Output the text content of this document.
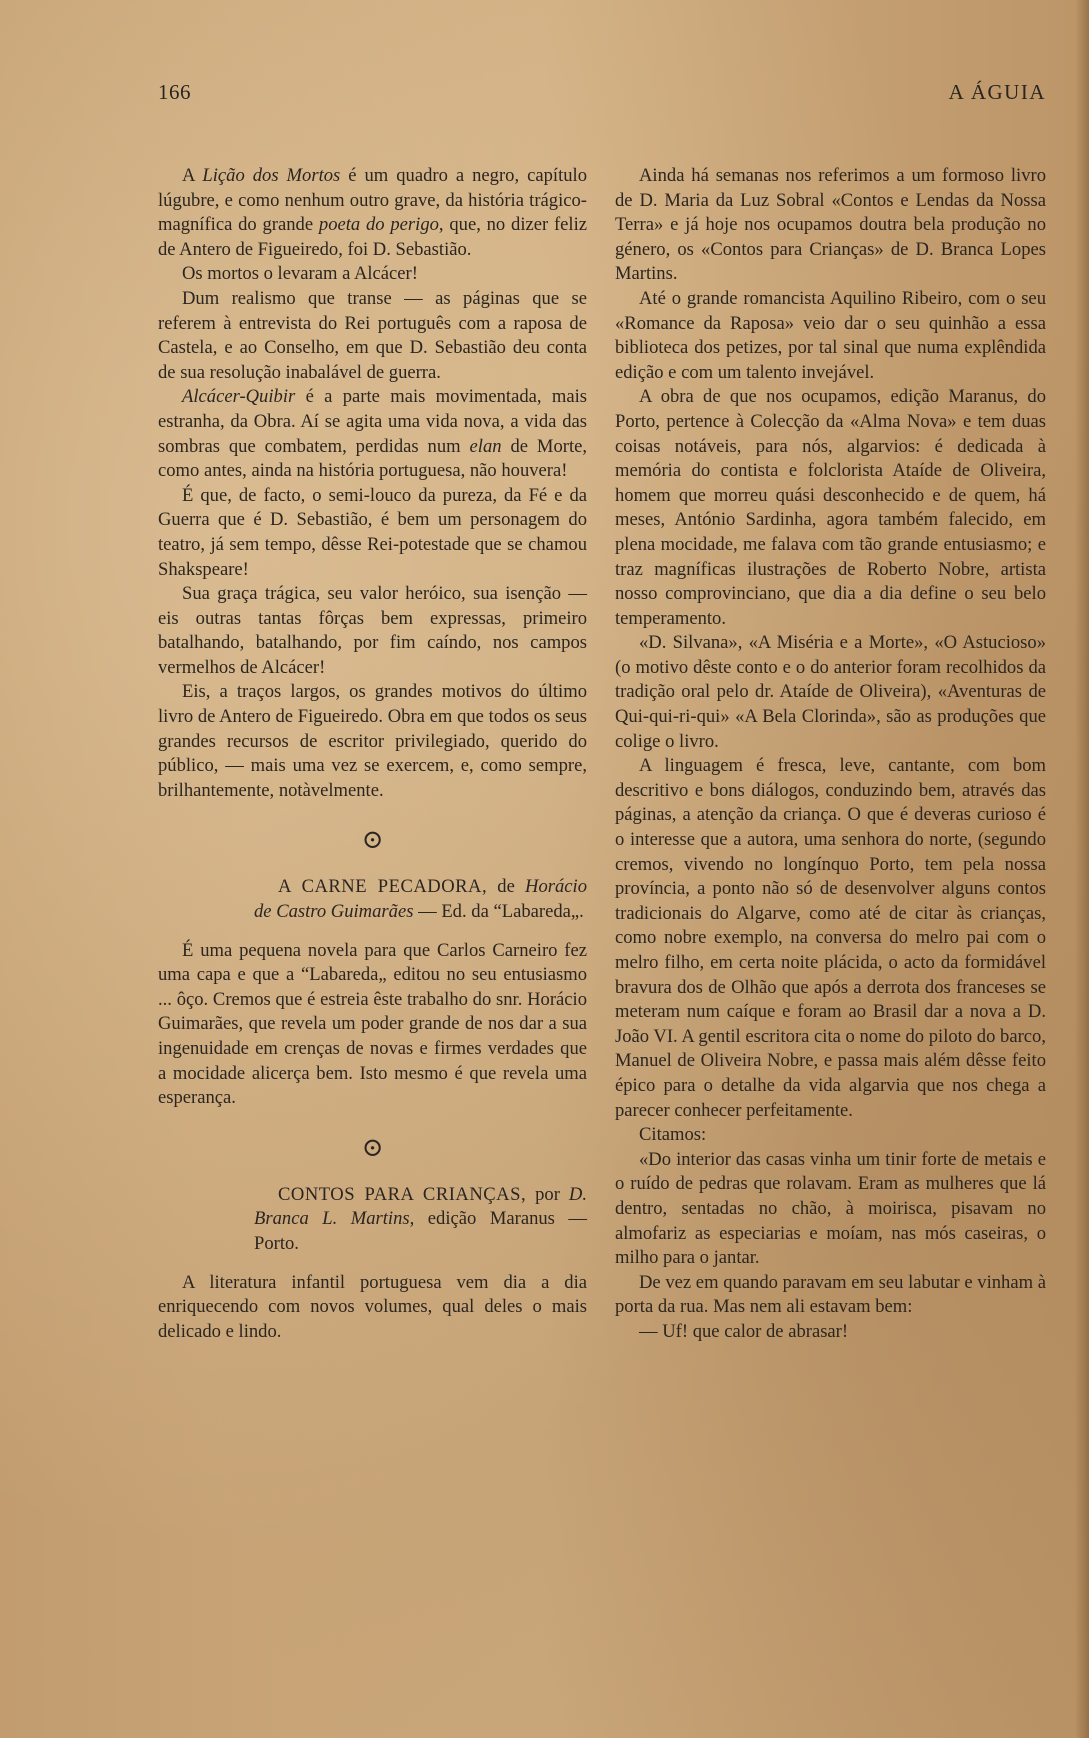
166	A ÁGUIA

A Lição dos Mortos é um quadro a negro, capítulo lúgubre, e como nenhum outro grave, da história trágico-magnífica do grande poeta do perigo, que, no dizer feliz de Antero de Figueiredo, foi D. Sebastião.

Os mortos o levaram a Alcácer!

Dum realismo que transe — as páginas que se referem à entrevista do Rei português com a raposa de Castela, e ao Conselho, em que D. Sebastião deu conta de sua resolução inabalável de guerra.

Alcácer-Quibir é a parte mais movimentada, mais estranha, da Obra. Aí se agita uma vida nova, a vida das sombras que combatem, perdidas num elan de Morte, como antes, ainda na história portuguesa, não houvera!

É que, de facto, o semi-louco da pureza, da Fé e da Guerra que é D. Sebastião, é bem um personagem do teatro, já sem tempo, dêsse Rei-potestade que se chamou Shakspeare!

Sua graça trágica, seu valor heróico, sua isenção — eis outras tantas fôrças bem expressas, primeiro batalhando, batalhando, por fim caíndo, nos campos vermelhos de Alcácer!

Eis, a traços largos, os grandes motivos do último livro de Antero de Figueiredo. Obra em que todos os seus grandes recursos de escritor privilegiado, querido do público, — mais uma vez se exercem, e, como sempre, brilhantemente, notàvelmente.

⊙

A CARNE PECADORA, de Horácio de Castro Guimarães — Ed. da “Labareda„.

É uma pequena novela para que Carlos Carneiro fez uma capa e que a “Labareda„ editou no seu entusiasmo ... ôço. Cremos que é estreia êste trabalho do snr. Horácio Guimarães, que revela um poder grande de nos dar a sua ingenuidade em crenças de novas e firmes verdades que a mocidade alicerça bem. Isto mesmo é que revela uma esperança.

⊙

CONTOS PARA CRIANÇAS, por D. Branca L. Martins, edição Maranus — Porto.

A literatura infantil portuguesa vem dia a dia enriquecendo com novos volumes, qual deles o mais delicado e lindo.

Ainda há semanas nos referimos a um formoso livro de D. Maria da Luz Sobral «Contos e Lendas da Nossa Terra» e já hoje nos ocupamos doutra bela produção no género, os «Contos para Crianças» de D. Branca Lopes Martins.

Até o grande romancista Aquilino Ribeiro, com o seu «Romance da Raposa» veio dar o seu quinhão a essa biblioteca dos petizes, por tal sinal que numa explêndida edição e com um talento invejável.

A obra de que nos ocupamos, edição Maranus, do Porto, pertence à Colecção da «Alma Nova» e tem duas coisas notáveis, para nós, algarvios: é dedicada à memória do contista e folclorista Ataíde de Oliveira, homem que morreu quási desconhecido e de quem, há meses, António Sardinha, agora também falecido, em plena mocidade, me falava com tão grande entusiasmo; e traz magníficas ilustrações de Roberto Nobre, artista nosso comprovinciano, que dia a dia define o seu belo temperamento.

«D. Silvana», «A Miséria e a Morte», «O Astucioso» (o motivo dêste conto e o do anterior foram recolhidos da tradição oral pelo dr. Ataíde de Oliveira), «Aventuras de Qui-qui-ri-qui» «A Bela Clorinda», são as produções que colige o livro.

A linguagem é fresca, leve, cantante, com bom descritivo e bons diálogos, conduzindo bem, através das páginas, a atenção da criança. O que é deveras curioso é o interesse que a autora, uma senhora do norte, (segundo cremos, vivendo no longínquo Porto, tem pela nossa província, a ponto não só de desenvolver alguns contos tradicionais do Algarve, como até de citar às crianças, como nobre exemplo, na conversa do melro pai com o melro filho, em certa noite plácida, o acto da formidável bravura dos de Olhão que após a derrota dos franceses se meteram num caíque e foram ao Brasil dar a nova a D. João VI. A gentil escritora cita o nome do piloto do barco, Manuel de Oliveira Nobre, e passa mais além dêsse feito épico para o detalhe da vida algarvia que nos chega a parecer conhecer perfeitamente.

Citamos:

«Do interior das casas vinha um tinir forte de metais e o ruído de pedras que rolavam. Eram as mulheres que lá dentro, sentadas no chão, à moirisca, pisavam no almofariz as especiarias e moíam, nas mós caseiras, o milho para o jantar.

De vez em quando paravam em seu labutar e vinham à porta da rua. Mas nem ali estavam bem:

— Uf! que calor de abrasar!
